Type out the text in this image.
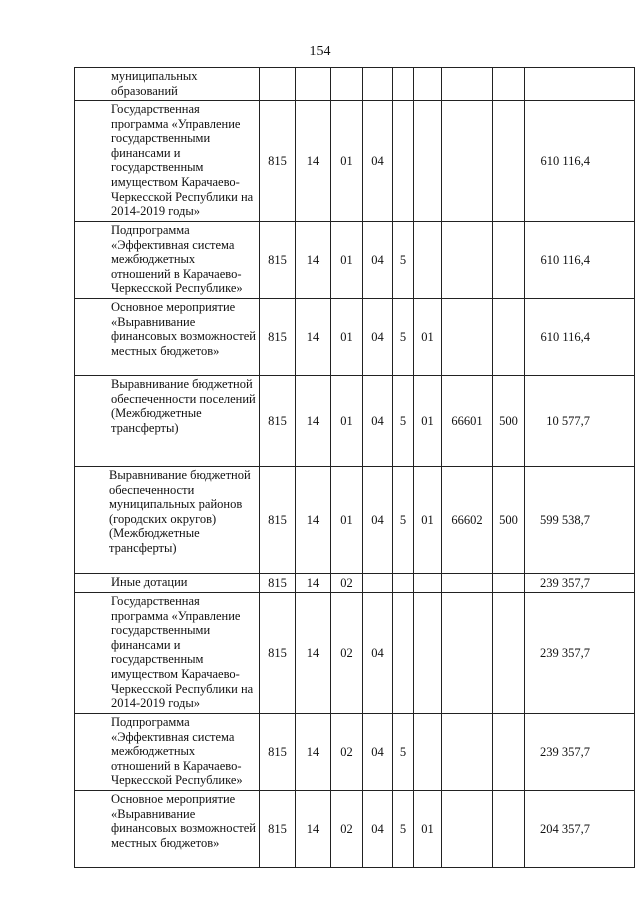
154
муниципальных образований									
Государственная программа «Управление государственными финансами и государственным имуществом Карачаево-Черкесской Республики на 2014-2019 годы»	815	14	01	04					610 116,4
Подпрограмма «Эффективная система межбюджетных отношений в Карачаево-Черкесской Республике»	815	14	01	04	5				610 116,4
Основное мероприятие «Выравнивание финансовых возможностей местных бюджетов»	815	14	01	04	5	01			610 116,4
Выравнивание бюджетной обеспеченности поселений (Межбюджетные трансферты)	815	14	01	04	5	01	66601	500	10 577,7
Выравнивание бюджетной обеспеченности муниципальных районов (городских округов) (Межбюджетные трансферты)	815	14	01	04	5	01	66602	500	599 538,7
Иные дотации	815	14	02						239 357,7
Государственная программа «Управление государственными финансами и государственным имуществом Карачаево-Черкесской Республики на 2014-2019 годы»	815	14	02	04					239 357,7
Подпрограмма «Эффективная система межбюджетных отношений в Карачаево-Черкесской Республике»	815	14	02	04	5				239 357,7
Основное мероприятие «Выравнивание финансовых возможностей местных бюджетов»	815	14	02	04	5	01			204 357,7
